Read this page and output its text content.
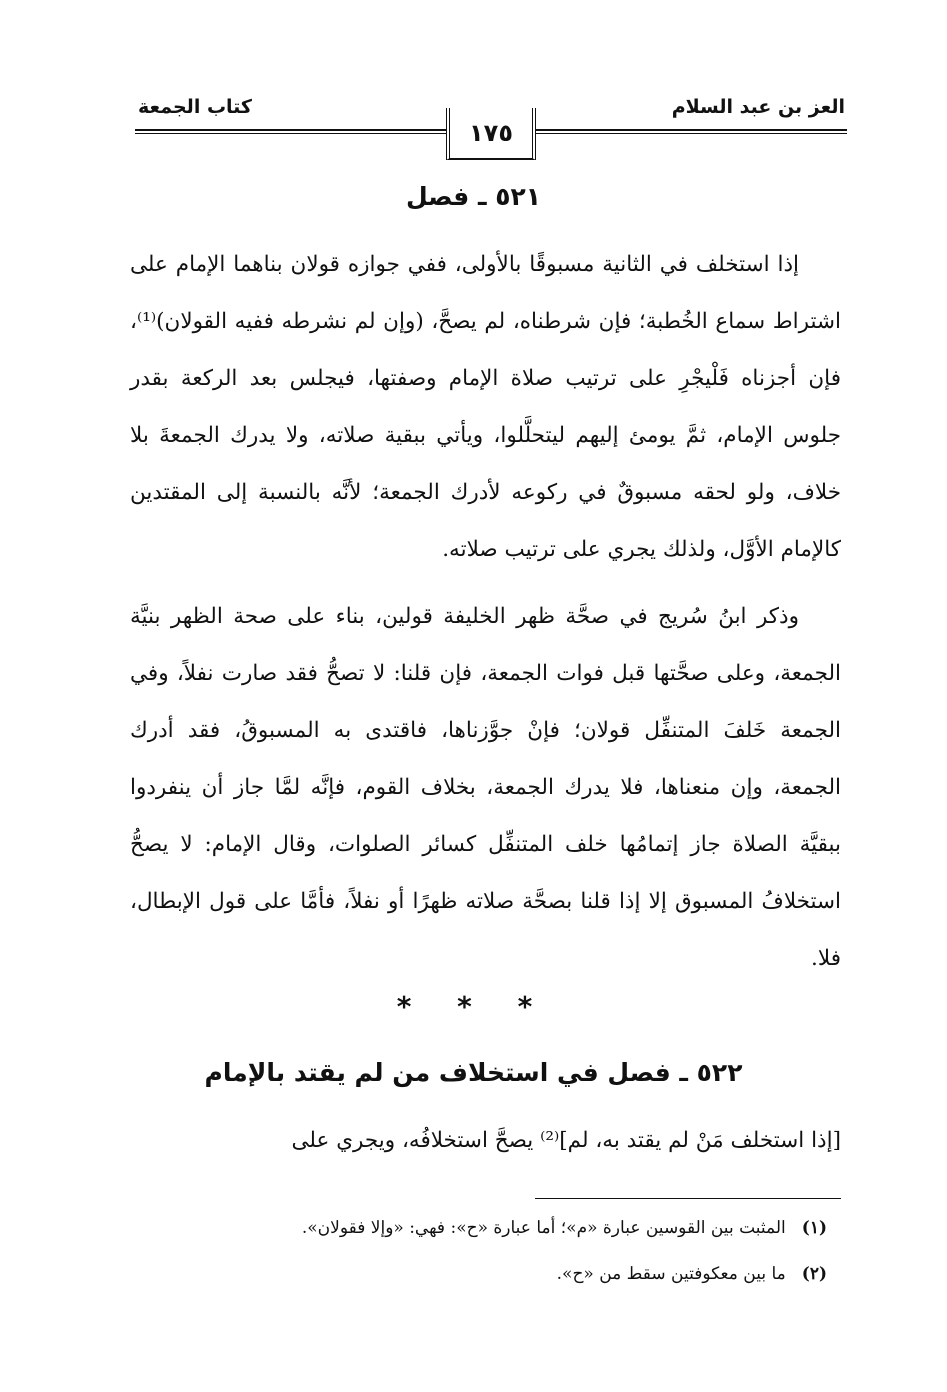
العز بن عبد السلام
كتاب الجمعة
١٧٥
٥٢١ ـ فصل

إذا استخلف في الثانية مسبوقًا بالأولى، ففي جوازه قولان بناهما الإمام على اشتراط سماع الخُطبة؛ فإن شرطناه، لم يصحَّ، (وإن لم نشرطه ففيه القولان)⁽¹⁾، فإن أجزناه فَلْيجْرِ على ترتيب صلاة الإمام وصفتها، فيجلس بعد الركعة بقدر جلوس الإمام، ثمَّ يومئ إليهم ليتحلَّلوا، ويأتي ببقية صلاته، ولا يدرك الجمعةَ بلا خلاف، ولو لحقه مسبوقٌ في ركوعه لأدرك الجمعة؛ لأنَّه بالنسبة إلى المقتدين كالإمام الأوَّل، ولذلك يجري على ترتيب صلاته.

وذكر ابنُ سُريج في صحَّة ظهر الخليفة قولين، بناء على صحة الظهر بنيَّة الجمعة، وعلى صحَّتها قبل فوات الجمعة، فإن قلنا: لا تصحُّ فقد صارت نفلاً، وفي الجمعة خَلفَ المتنفِّل قولان؛ فإنْ جوَّزناها، فاقتدى به المسبوقُ، فقد أدرك الجمعة، وإن منعناها، فلا يدرك الجمعة، بخلاف القوم، فإنَّه لمَّا جاز أن ينفردوا ببقيَّة الصلاة جاز إتمامُها خلف المتنفِّل كسائر الصلوات، وقال الإمام: لا يصحُّ استخلافُ المسبوق إلا إذا قلنا بصحَّة صلاته ظهرًا أو نفلاً، فأمَّا على قول الإبطال، فلا.

* * *
٥٢٢ ـ فصل في استخلاف من لم يقتد بالإمام

[إذا استخلف مَنْ لم يقتد به، لم]⁽²⁾ يصحَّ استخلافُه، ويجري على

(١)المثبت بين القوسين عبارة «م»؛ أما عبارة «ح»: فهي: «وإلا فقولان».
(٢)ما بين معكوفتين سقط من «ح».
